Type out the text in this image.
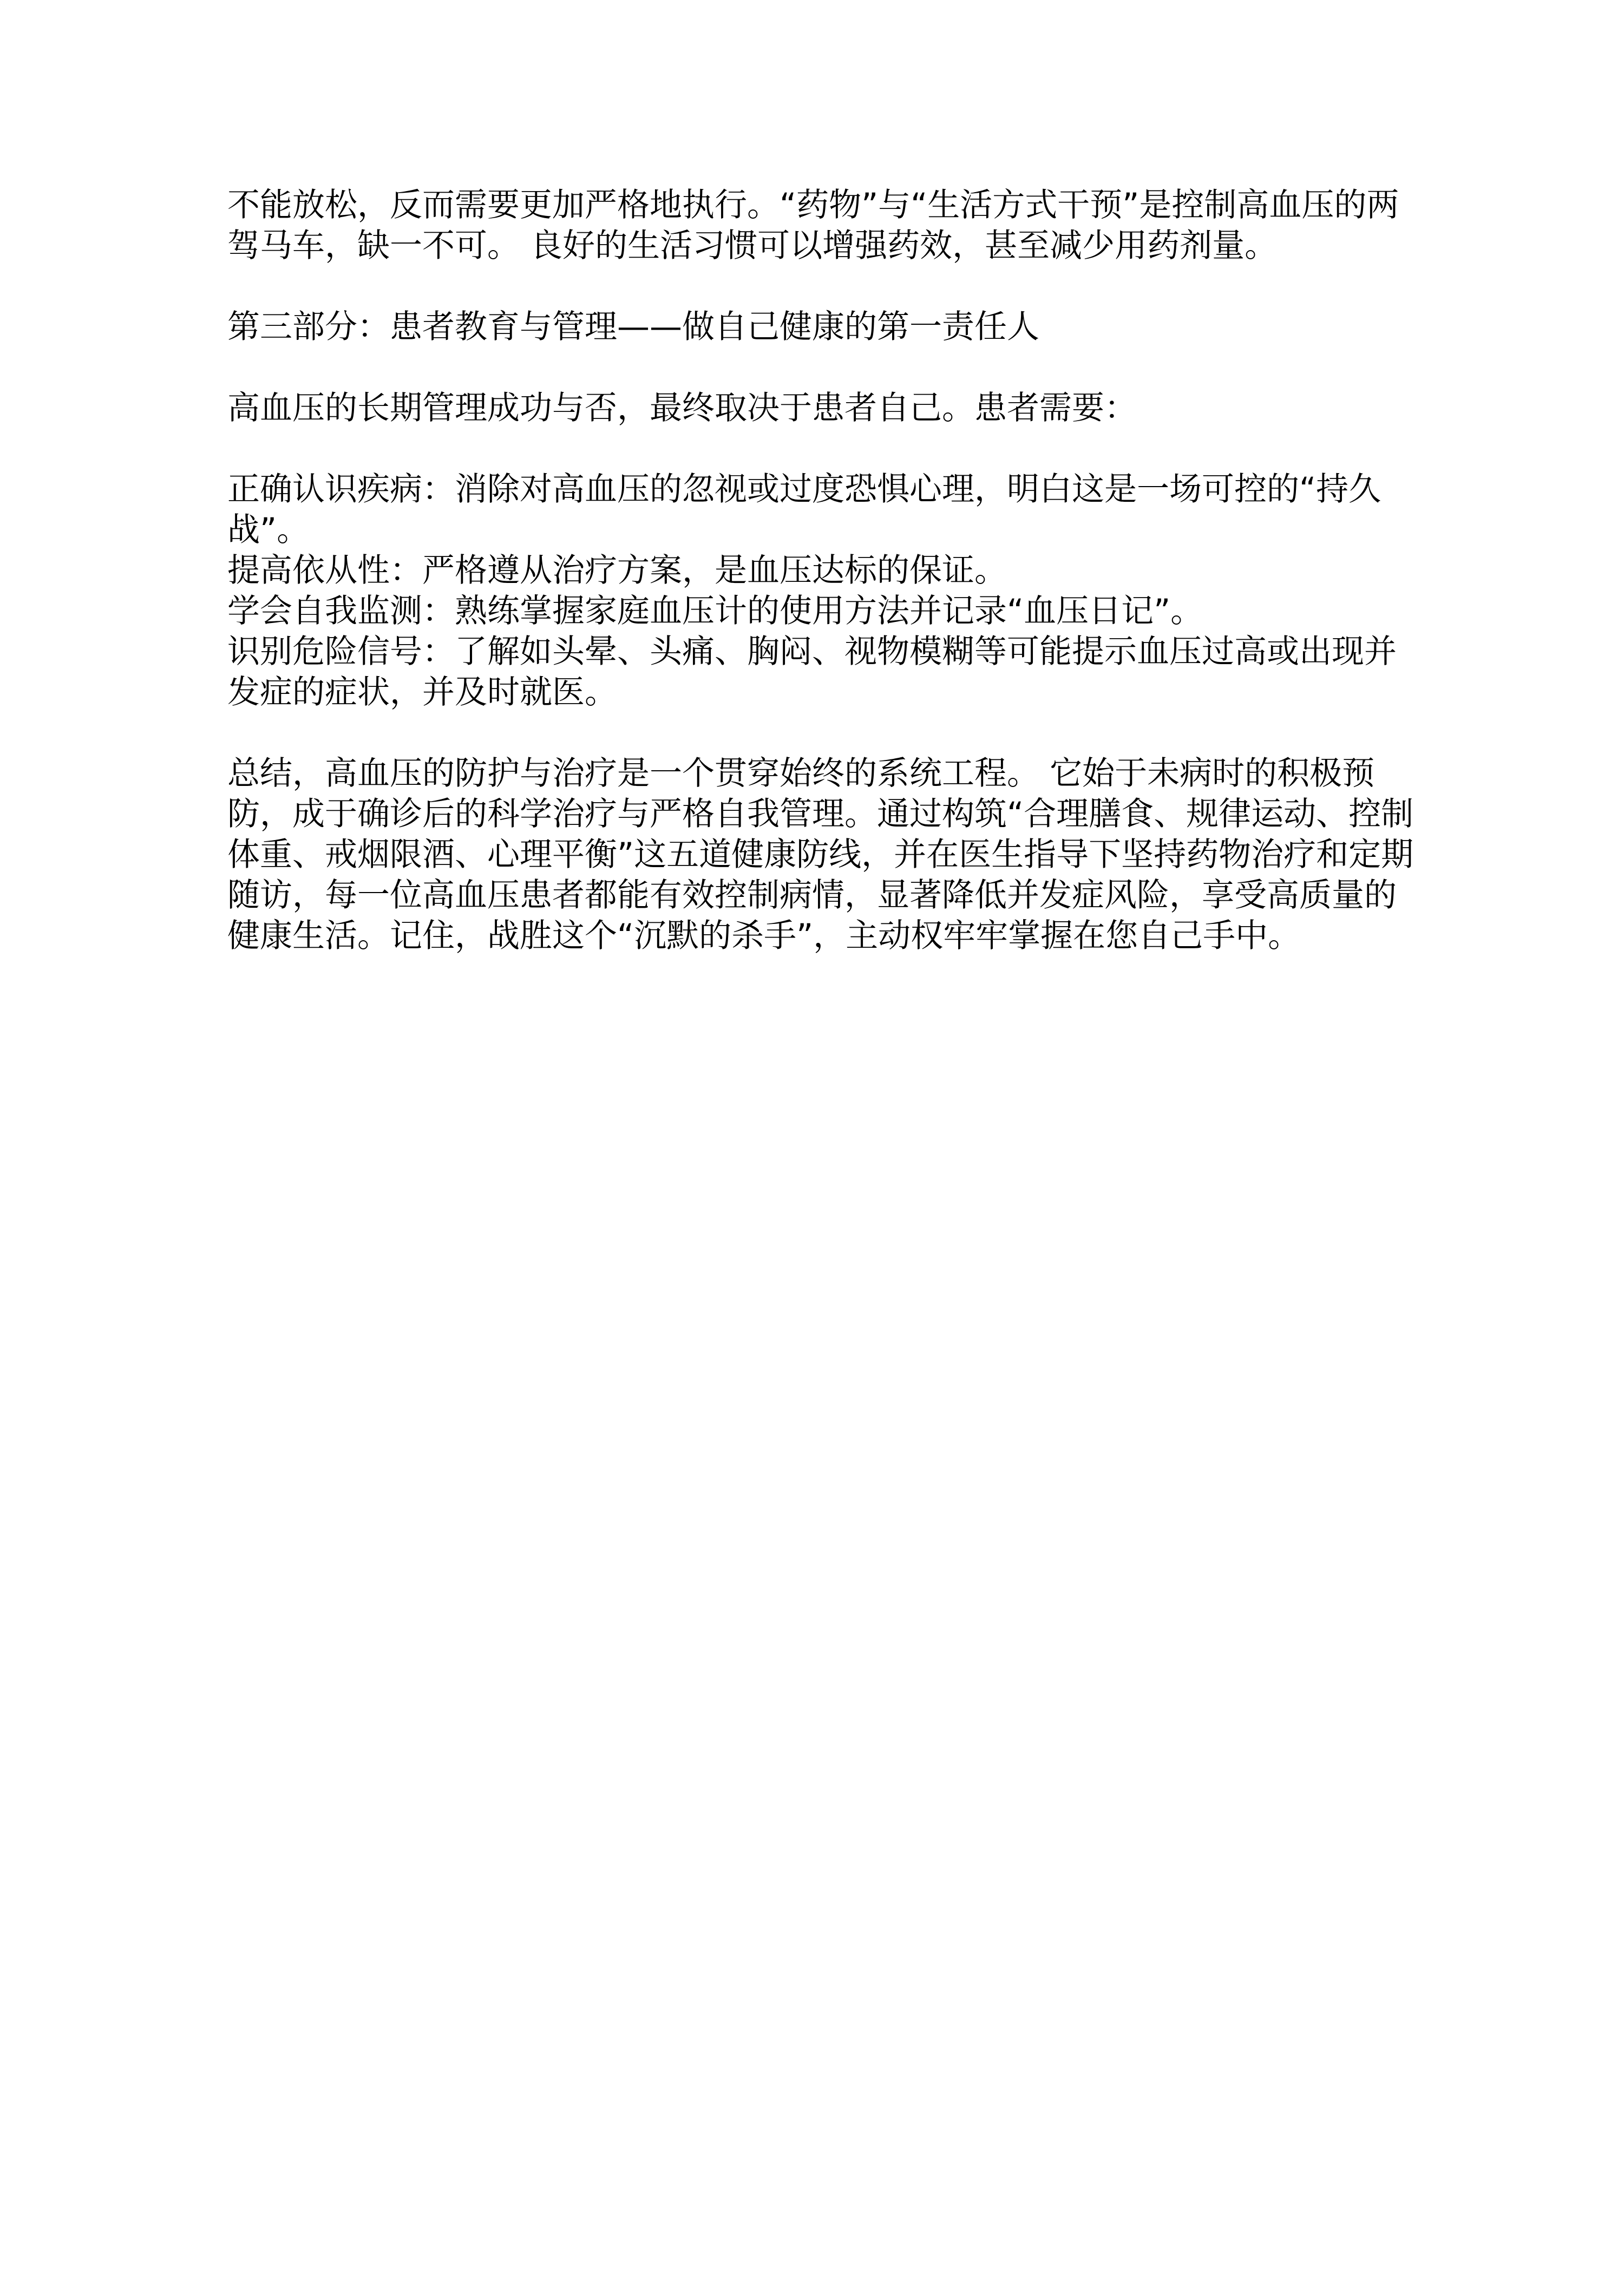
不能放松，反而需要更加严格地执行。“药物”与“生活方式干预”是控制高血压的两驾马车，缺一不可。 良好的生活习惯可以增强药效，甚至减少用药剂量。

第三部分：患者教育与管理——做自己健康的第一责任人

高血压的长期管理成功与否，最终取决于患者自己。患者需要：

正确认识疾病：消除对高血压的忽视或过度恐惧心理，明白这是一场可控的“持久战”。
提高依从性：严格遵从治疗方案，是血压达标的保证。
学会自我监测：熟练掌握家庭血压计的使用方法并记录“血压日记”。
识别危险信号：了解如头晕、头痛、胸闷、视物模糊等可能提示血压过高或出现并发症的症状，并及时就医。

总结，高血压的防护与治疗是一个贯穿始终的系统工程。 它始于未病时的积极预防，成于确诊后的科学治疗与严格自我管理。通过构筑“合理膳食、规律运动、控制体重、戒烟限酒、心理平衡”这五道健康防线，并在医生指导下坚持药物治疗和定期随访，每一位高血压患者都能有效控制病情，显著降低并发症风险，享受高质量的健康生活。记住，战胜这个“沉默的杀手”，主动权牢牢掌握在您自己手中。
